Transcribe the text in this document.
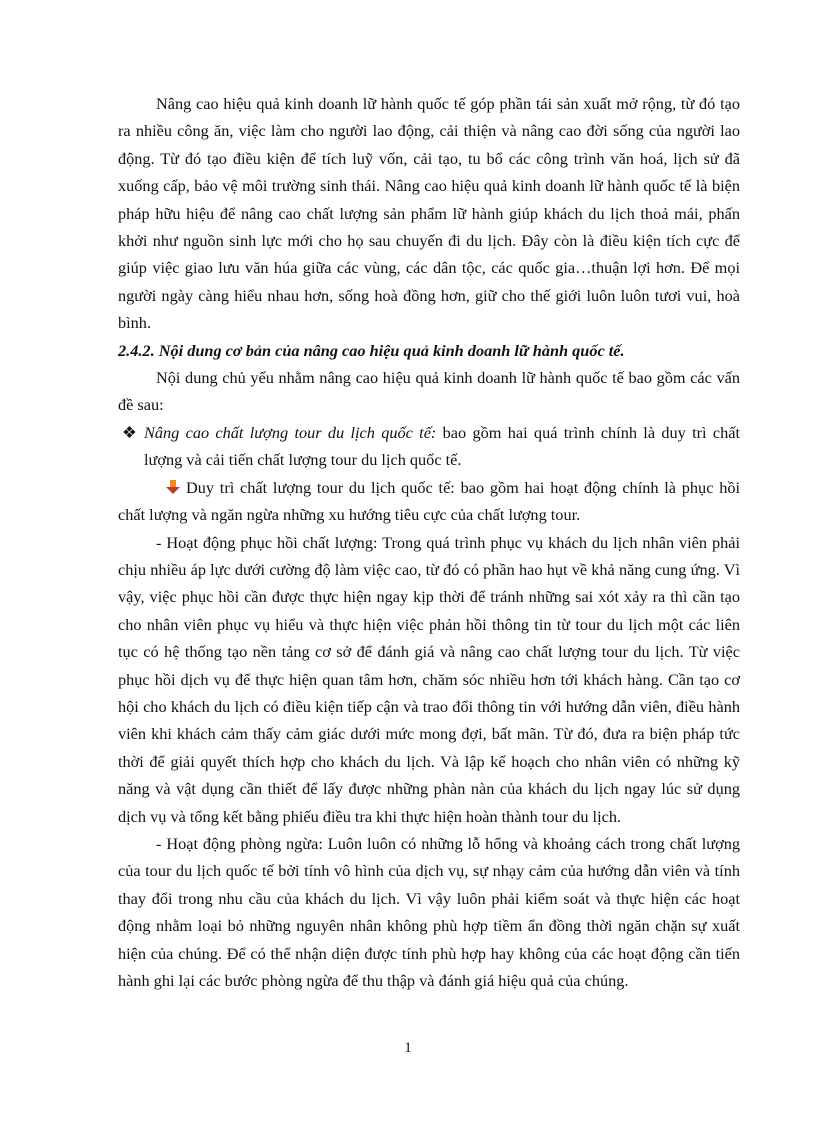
Nâng cao hiệu quả kinh doanh lữ hành quốc tế góp phần tái sản xuất mở rộng, từ đó tạo ra nhiều công ăn, việc làm cho người lao động, cải thiện và nâng cao đời sống của người lao động. Từ đó tạo điều kiện để tích luỹ vốn, cải tạo, tu bổ các công trình văn hoá, lịch sử đã xuống cấp, bảo vệ môi trường sinh thái. Nâng cao hiệu quả kinh doanh lữ hành quốc tế là biện pháp hữu hiệu để nâng cao chất lượng sản phẩm lữ hành giúp khách du lịch thoả mái, phấn khởi như nguồn sinh lực mới cho họ sau chuyến đi du lịch. Đây còn là điều kiện tích cực để giúp việc giao lưu văn húa giữa các vùng, các dân tộc, các quốc gia…thuận lợi hơn. Để mọi người ngày càng hiểu nhau hơn, sống hoà đồng hơn, giữ cho thế giới luôn luôn tươi vui, hoà bình.

2.4.2. Nội dung cơ bản của nâng cao hiệu quả kinh doanh lữ hành quốc tế.

Nội dung chủ yếu nhằm nâng cao hiệu quả kinh doanh lữ hành quốc tế bao gồm các vấn đề sau:

❖ Nâng cao chất lượng tour du lịch quốc tế: bao gồm hai quá trình chính là duy trì chất lượng và cải tiến chất lượng tour du lịch quốc tế.

Duy trì chất lượng tour du lịch quốc tế: bao gồm hai hoạt động chính là phục hồi chất lượng và ngăn ngừa những xu hướng tiêu cực của chất lượng tour.

- Hoạt động phục hồi chất lượng: Trong quá trình phục vụ khách du lịch nhân viên phải chịu nhiều áp lực dưới cường độ làm việc cao, từ đó có phần hao hụt về khả năng cung ứng. Vì vậy, việc phục hồi cần được thực hiện ngay kịp thời để tránh những sai xót xảy ra thì cần tạo cho nhân viên phục vụ hiểu và thực hiện việc phản hồi thông tin từ tour du lịch một các liên tục có hệ thống tạo nền tảng cơ sở để đánh giá và nâng cao chất lượng tour du lịch. Từ việc phục hồi dịch vụ để thực hiện quan tâm hơn, chăm sóc nhiều hơn tới khách hàng. Cần tạo cơ hội cho khách du lịch có điều kiện tiếp cận và trao đổi thông tin với hướng dẫn viên, điều hành viên khi khách cảm thấy cảm giác dưới mức mong đợi, bất mãn. Từ đó, đưa ra biện pháp tức thời để giải quyết thích hợp cho khách du lịch. Và lập kế hoạch cho nhân viên có những kỹ năng và vật dụng cần thiết để lấy được những phàn nàn của khách du lịch ngay lúc sử dụng dịch vụ và tổng kết bằng phiếu điều tra khi thực hiện hoàn thành tour du lịch.

- Hoạt động phòng ngừa: Luôn luôn có những lỗ hổng và khoảng cách trong chất lượng của tour du lịch quốc tế bởi tính vô hình của dịch vụ, sự nhạy cảm của hướng dẫn viên và tính thay đổi trong nhu cầu của khách du lịch. Vì vậy luôn phải kiểm soát và thực hiện các hoạt động nhằm loại bỏ những nguyên nhân không phù hợp tiềm ẩn đồng thời ngăn chặn sự xuất hiện của chúng. Để có thể nhận diện được tính phù hợp hay không của các hoạt động cần tiến hành ghi lại các bước phòng ngừa để thu thập và đánh giá hiệu quả của chúng.

1
